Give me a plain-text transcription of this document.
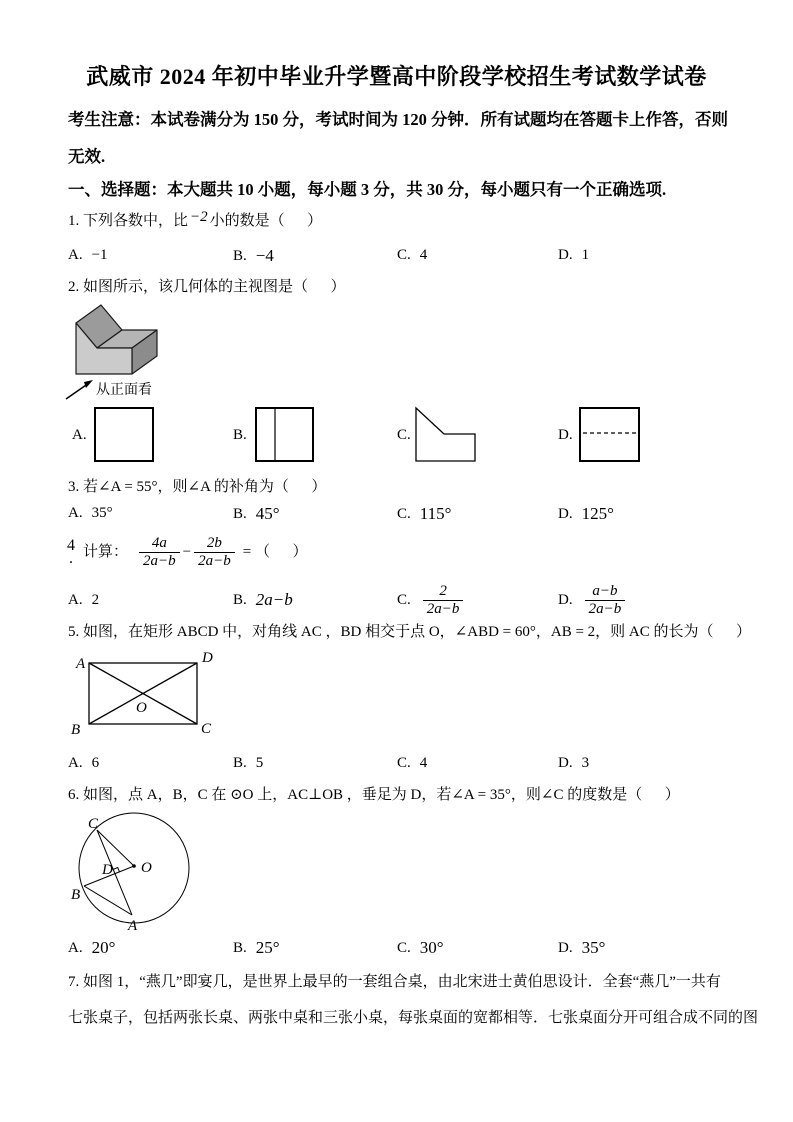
从正面看
A	D
B	C
O
C
O
D
B
A
武威市 2024 年初中毕业升学暨高中阶段学校招生考试数学试卷
考生注意：本试卷满分为 150 分，考试时间为 120 分钟．所有试题均在答题卡上作答，否则
无效.
一、选择题：本大题共 10 小题，每小题 3 分，共 30 分，每小题只有一个正确选项.
1. 下列各数中，比 −2 小的数是（      ）
A. −1	B. −4	C. 4	D. 1
2. 如图所示，该几何体的主视图是（      ）
A.	B.	C.	D.
3. 若∠A = 55°，则∠A 的补角为（      ）
A. 35°	B. 45°	C. 115°	D. 125°
4
. 计算： $\frac{4a}{2a-b} - \frac{2b}{2a-b}$ = （      ）
A. 2	B. 2a−b	C. $\frac{2}{2a-b}$	D. $\frac{a-b}{2a-b}$
5. 如图，在矩形 ABCD 中，对角线 AC ，BD 相交于点 O，∠ABD = 60°，AB = 2，则 AC 的长为（      ）
A. 6	B. 5	C. 4	D. 3
6. 如图，点 A，B，C 在 ⊙O 上，AC⊥OB ，垂足为 D，若∠A = 35°，则∠C 的度数是（      ）
A. 20°	B. 25°	C. 30°	D. 35°
7. 如图 1，“燕几”即宴几，是世界上最早的一套组合桌，由北宋进士黄伯思设计．全套“燕几”一共有
七张桌子，包括两张长桌、两张中桌和三张小桌，每张桌面的宽都相等．七张桌面分开可组合成不同的图
